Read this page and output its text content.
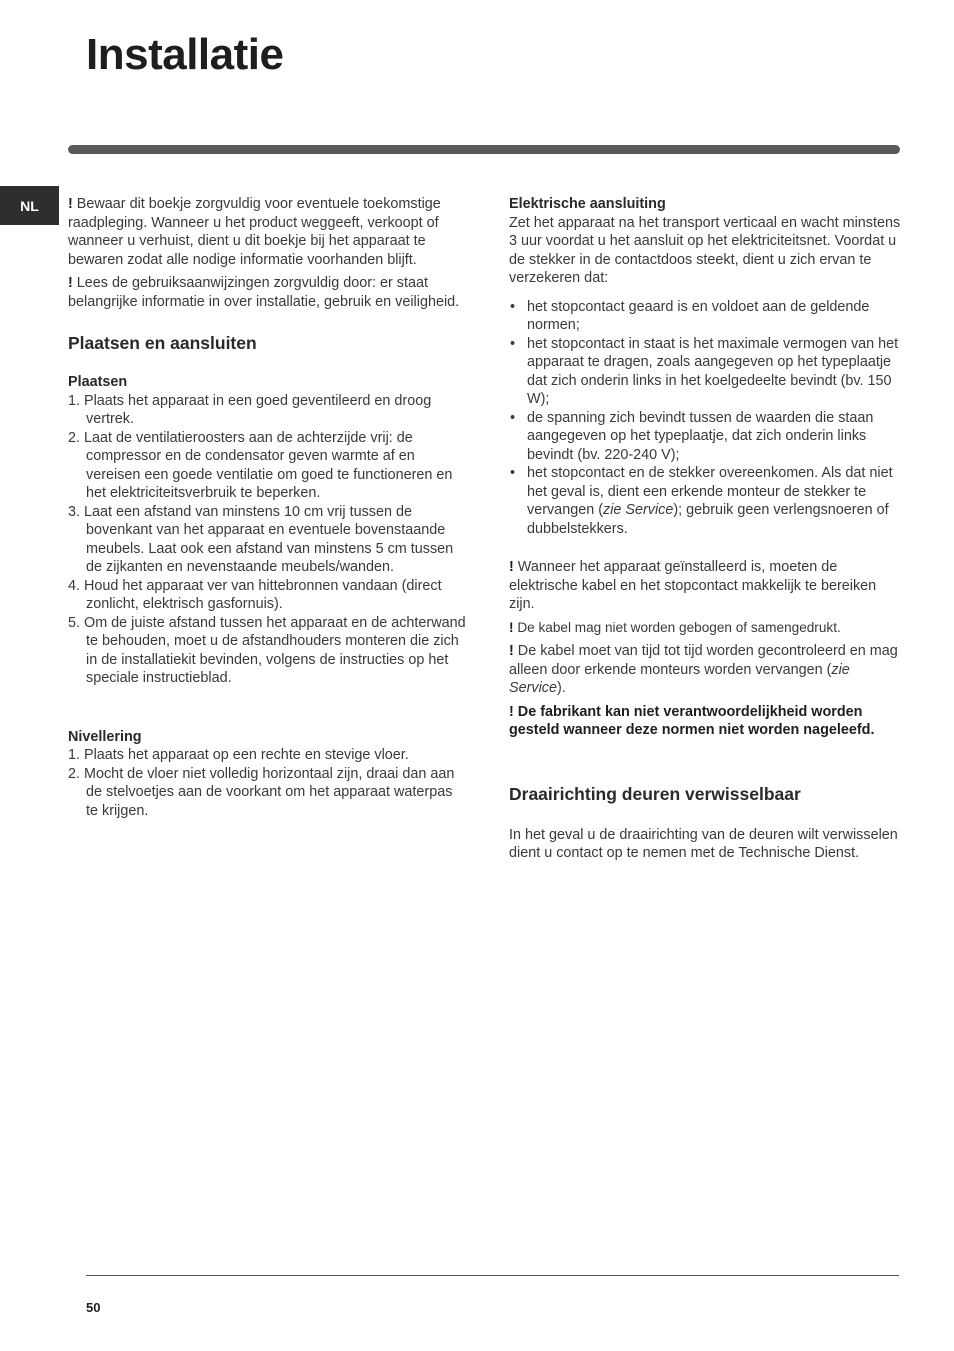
Installatie
NL	! Bewaar dit boekje zorgvuldig voor eventuele toekomstige raadpleging. Wanneer u het product weggeeft, verkoopt of wanneer u verhuist, dient u dit boekje bij het apparaat te bewaren zodat alle nodige informatie voorhanden blijft.

! Lees de gebruiksaanwijzingen zorgvuldig door: er staat belangrijke informatie in over installatie, gebruik en veiligheid.

Plaatsen en aansluiten
Plaatsen
1. Plaats het apparaat in een goed geventileerd en droog vertrek.
2. Laat de ventilatieroosters aan de achterzijde vrij: de compressor en de condensator geven warmte af en vereisen een goede ventilatie om goed te functioneren en het elektriciteitsverbruik te beperken.
3. Laat een afstand van minstens 10 cm vrij tussen de bovenkant van het apparaat en eventuele bovenstaande meubels. Laat ook een afstand van minstens 5 cm tussen de zijkanten en nevenstaande meubels/wanden.
4. Houd het apparaat ver van hittebronnen vandaan (direct zonlicht, elektrisch gasfornuis).
5. Om de juiste afstand tussen het apparaat en de achterwand te behouden, moet u de afstandhouders monteren die zich in de installatiekit bevinden, volgens de instructies op het speciale instructieblad.
Nivellering
1. Plaats het apparaat op een rechte en stevige vloer.
2. Mocht de vloer niet volledig horizontaal zijn, draai dan aan de stelvoetjes aan de voorkant om het apparaat waterpas te krijgen.
Elektrische aansluiting

Zet het apparaat na het transport verticaal en wacht minstens 3 uur voordat u het aansluit op het elektriciteitsnet. Voordat u de stekker in de contactdoos steekt, dient u zich ervan te verzekeren dat:

• het stopcontact geaard is en voldoet aan de geldende normen;
• het stopcontact in staat is het maximale vermogen van het apparaat te dragen, zoals aangegeven op het typeplaatje dat zich onderin links in het koelgedeelte bevindt (bv. 150 W);
• de spanning zich bevindt tussen de waarden die staan aangegeven op het typeplaatje, dat zich onderin links bevindt (bv. 220-240 V);
• het stopcontact en de stekker overeenkomen. Als dat niet het geval is, dient een erkende monteur de stekker te vervangen (zie Service); gebruik geen verlengsnoeren of dubbelstekkers.

! Wanneer het apparaat geïnstalleerd is, moeten de elektrische kabel en het stopcontact makkelijk te bereiken zijn.

! De kabel mag niet worden gebogen of samengedrukt.

! De kabel moet van tijd tot tijd worden gecontroleerd en mag alleen door erkende monteurs worden vervangen (zie Service).

! De fabrikant kan niet verantwoordelijkheid worden gesteld wanneer deze normen niet worden nageleefd.

Draairichting deuren verwisselbaar

In het geval u de draairichting van de deuren wilt verwisselen dient u contact op te nemen met de Technische Dienst.

50
